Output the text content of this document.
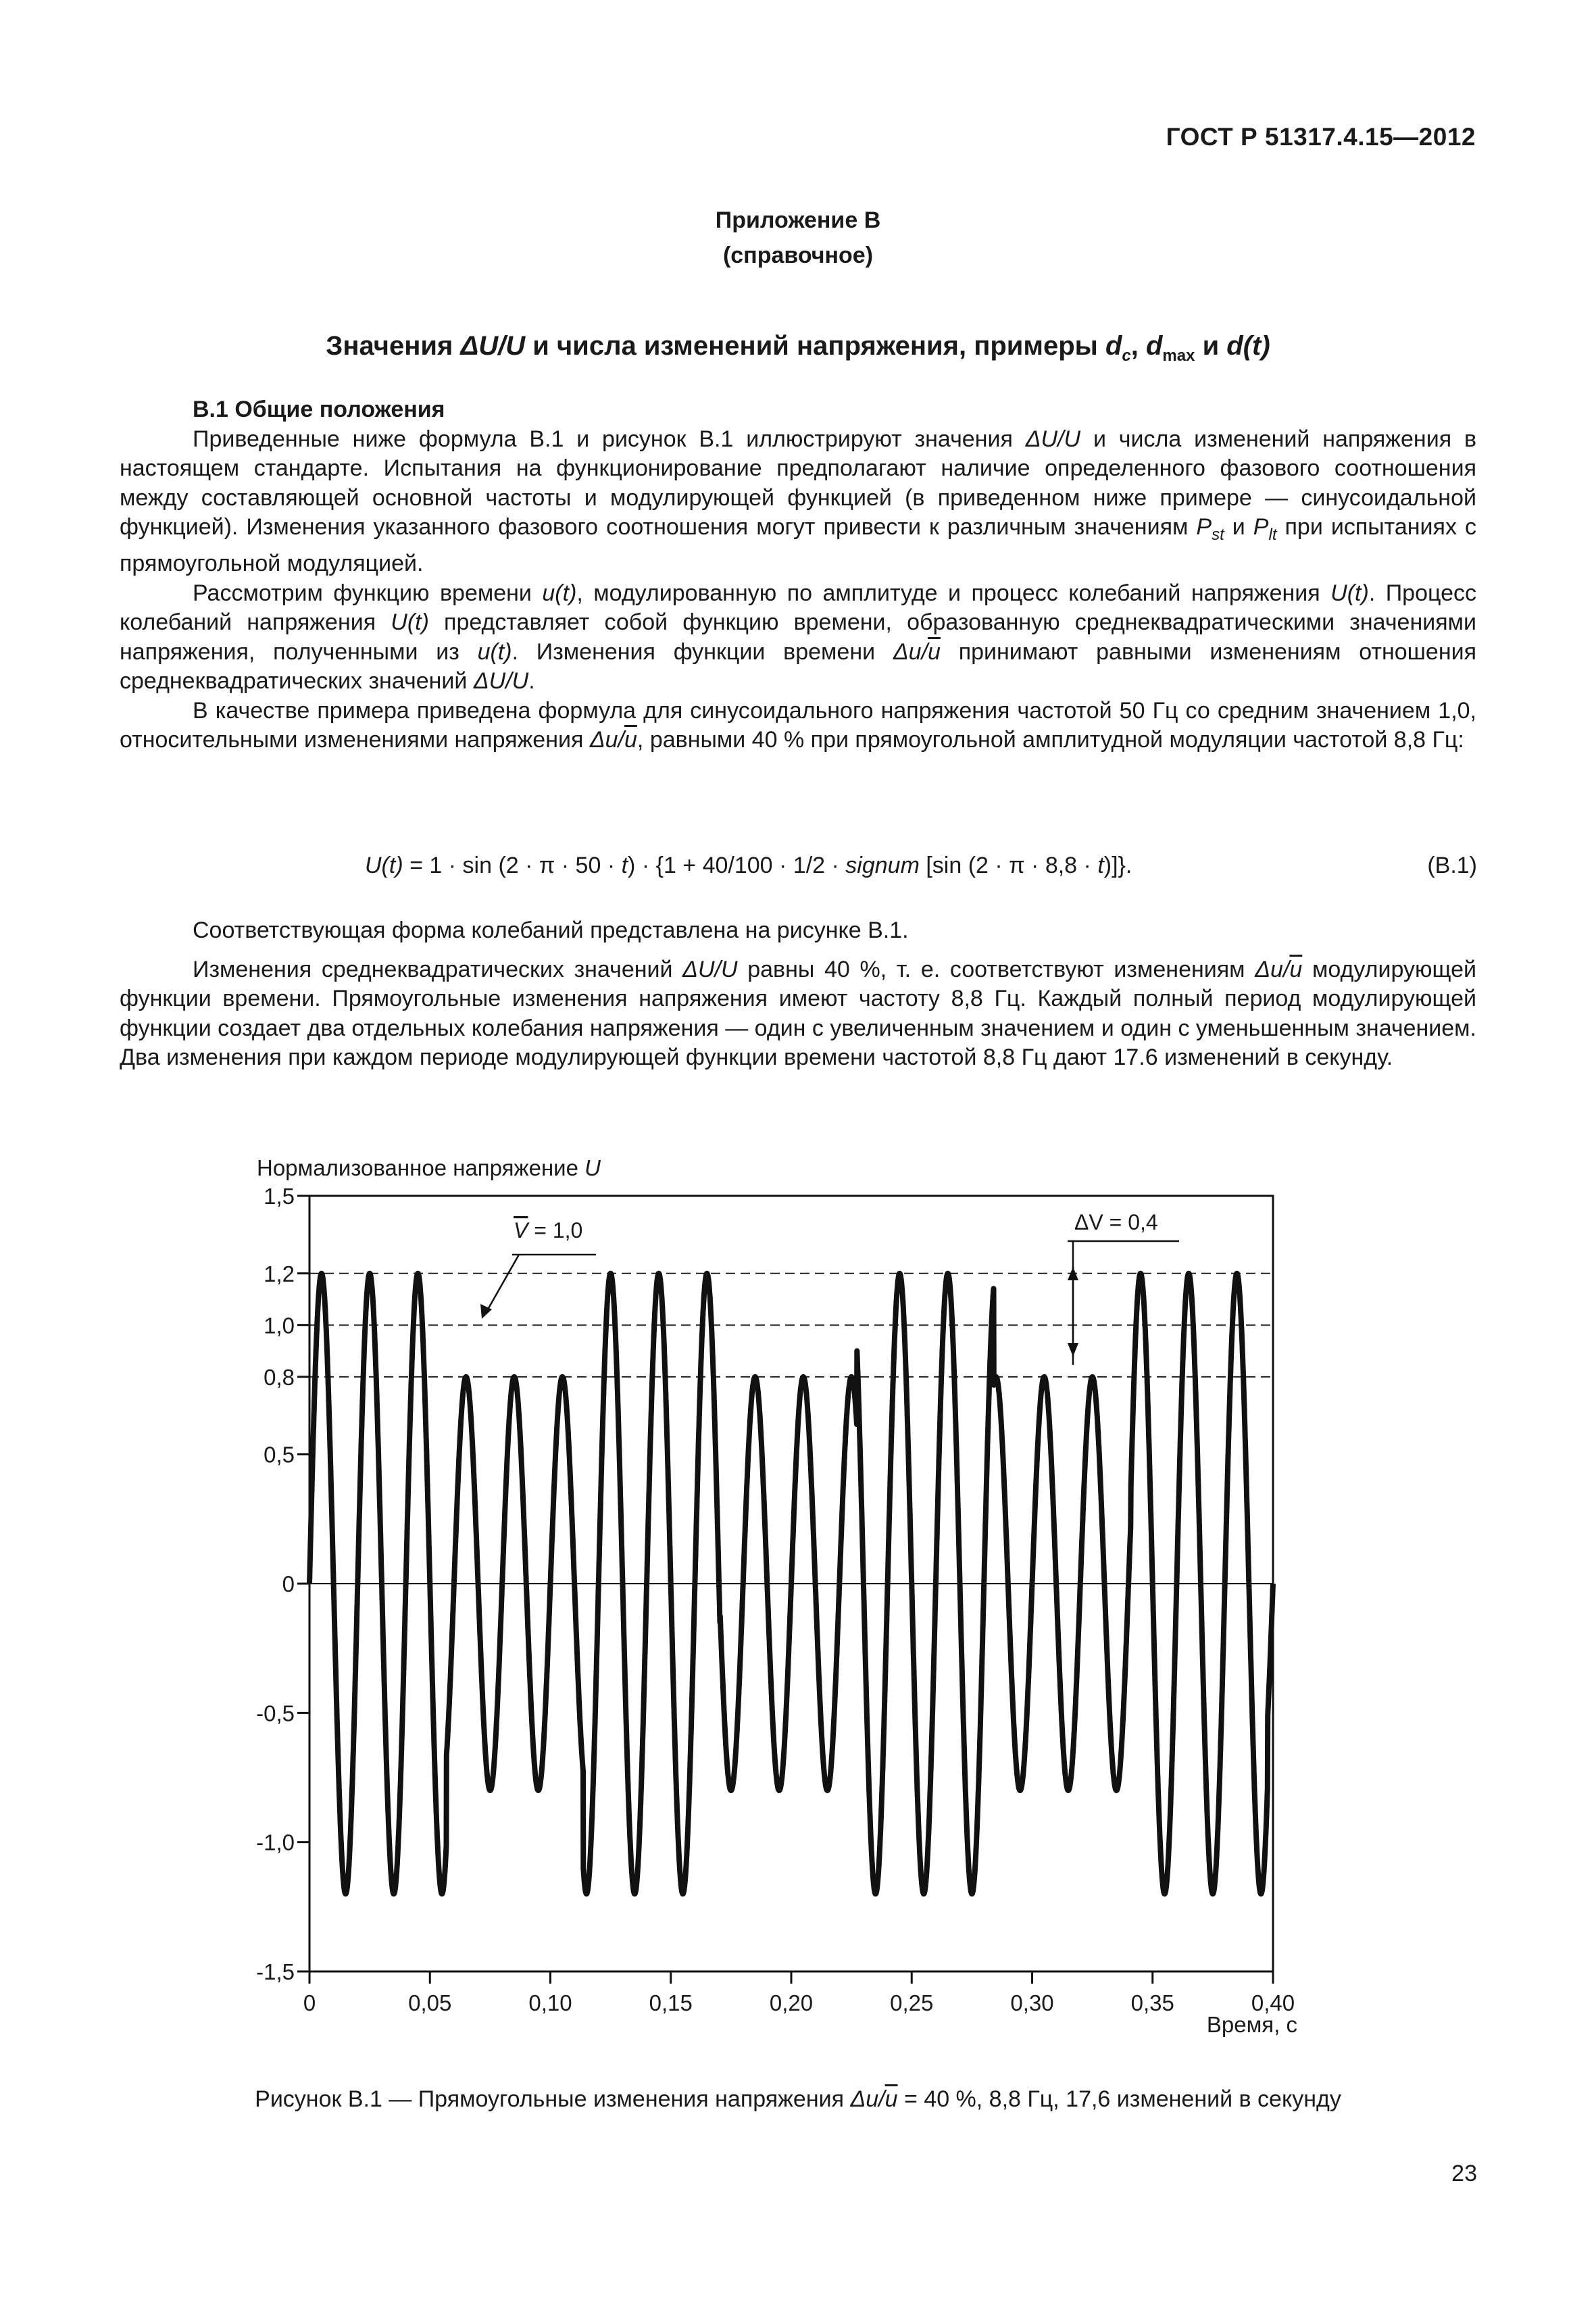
ГОСТ Р 51317.4.15—2012
Приложение В
(справочное)
Значения ΔU/U и числа изменений напряжения, примеры $d_c$, $d_{max}$ и d(t)
В.1 Общие положения

Приведенные ниже формула В.1 и рисунок В.1 иллюстрируют значения ΔU/U и числа изменений напряжения в настоящем стандарте. Испытания на функционирование предполагают наличие определенного фазового соотношения между составляющей основной частоты и модулирующей функцией (в приведенном ниже примере — синусоидальной функцией). Изменения указанного фазового соотношения могут привести к различным значениям $P_{st}$ и $P_{lt}$ при испытаниях с прямоугольной модуляцией.

Рассмотрим функцию времени u(t), модулированную по амплитуде и процесс колебаний напряжения U(t). Процесс колебаний напряжения U(t) представляет собой функцию времени, образованную среднеквадратическими значениями напряжения, полученными из u(t). Изменения функции времени $\Delta u/\overline{u}$ принимают равными изменениям отношения среднеквадратических значений ΔU/U.

В качестве примера приведена формула для синусоидального напряжения частотой 50 Гц со средним значением 1,0, относительными изменениями напряжения $\Delta u/\overline{u}$, равными 40 % при прямоугольной амплитудной модуляции частотой 8,8 Гц:

U(t) = 1 · sin (2 · π · 50 · t) · {1 + 40/100 · 1/2 · signum [sin (2 · π · 8,8 · t)]}.	(В.1)

Соответствующая форма колебаний представлена на рисунке В.1.

Изменения среднеквадратических значений ΔU/U равны 40 %, т. е. соответствуют изменениям $\Delta u/\overline{u}$ модулирующей функции времени. Прямоугольные изменения напряжения имеют частоту 8,8 Гц. Каждый полный период модулирующей функции создает два отдельных колебания напряжения — один с увеличенным значением и один с уменьшенным значением. Два изменения при каждом периоде модулирующей функции времени частотой 8,8 Гц дают 17.6 изменений в секунду.

Нормализованное напряжение U
1,5
1,2
1,0
0,8
0,5
0
-0,5
-1,0
-1,5
0	0,05	0,10	0,15	0,20	0,25	0,30	0,35	0,40
V = 1,0	ΔV = 0,4
Время, с
Рисунок В.1 — Прямоугольные изменения напряжения $\Delta u/\overline{u} = 40$ %, 8,8 Гц, 17,6 изменений в секунду
23
